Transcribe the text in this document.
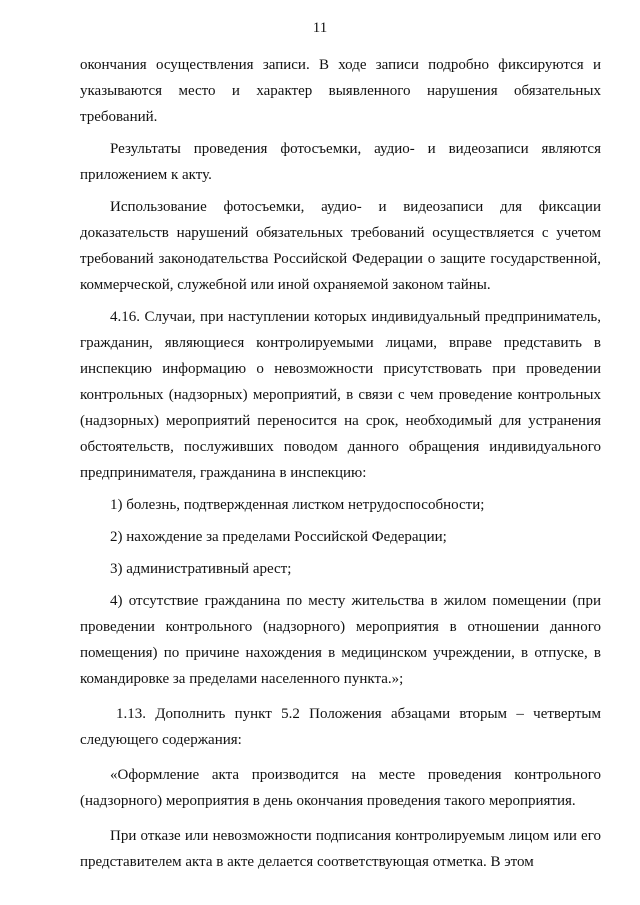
11

окончания осуществления записи. В ходе записи подробно фиксируются и указываются место и характер выявленного нарушения обязательных требований.

Результаты проведения фотосъемки, аудио- и видеозаписи являются приложением к акту.

Использование фотосъемки, аудио- и видеозаписи для фиксации доказательств нарушений обязательных требований осуществляется с учетом требований законодательства Российской Федерации о защите государственной, коммерческой, служебной или иной охраняемой законом тайны.

4.16. Случаи, при наступлении которых индивидуальный предприниматель, гражданин, являющиеся контролируемыми лицами, вправе представить в инспекцию информацию о невозможности присутствовать при проведении контрольных (надзорных) мероприятий, в связи с чем проведение контрольных (надзорных) мероприятий переносится на срок, необходимый для устранения обстоятельств, послуживших поводом данного обращения индивидуального предпринимателя, гражданина в инспекцию:

1) болезнь, подтвержденная листком нетрудоспособности;

2) нахождение за пределами Российской Федерации;

3) административный арест;

4) отсутствие гражданина по месту жительства в жилом помещении (при проведении контрольного (надзорного) мероприятия в отношении данного помещения) по причине нахождения в медицинском учреждении, в отпуске, в командировке за пределами населенного пункта.»;

1.13. Дополнить пункт 5.2 Положения абзацами вторым – четвертым следующего содержания:

«Оформление акта производится на месте проведения контрольного (надзорного) мероприятия в день окончания проведения такого мероприятия.

При отказе или невозможности подписания контролируемым лицом или его представителем акта в акте делается соответствующая отметка. В этом
